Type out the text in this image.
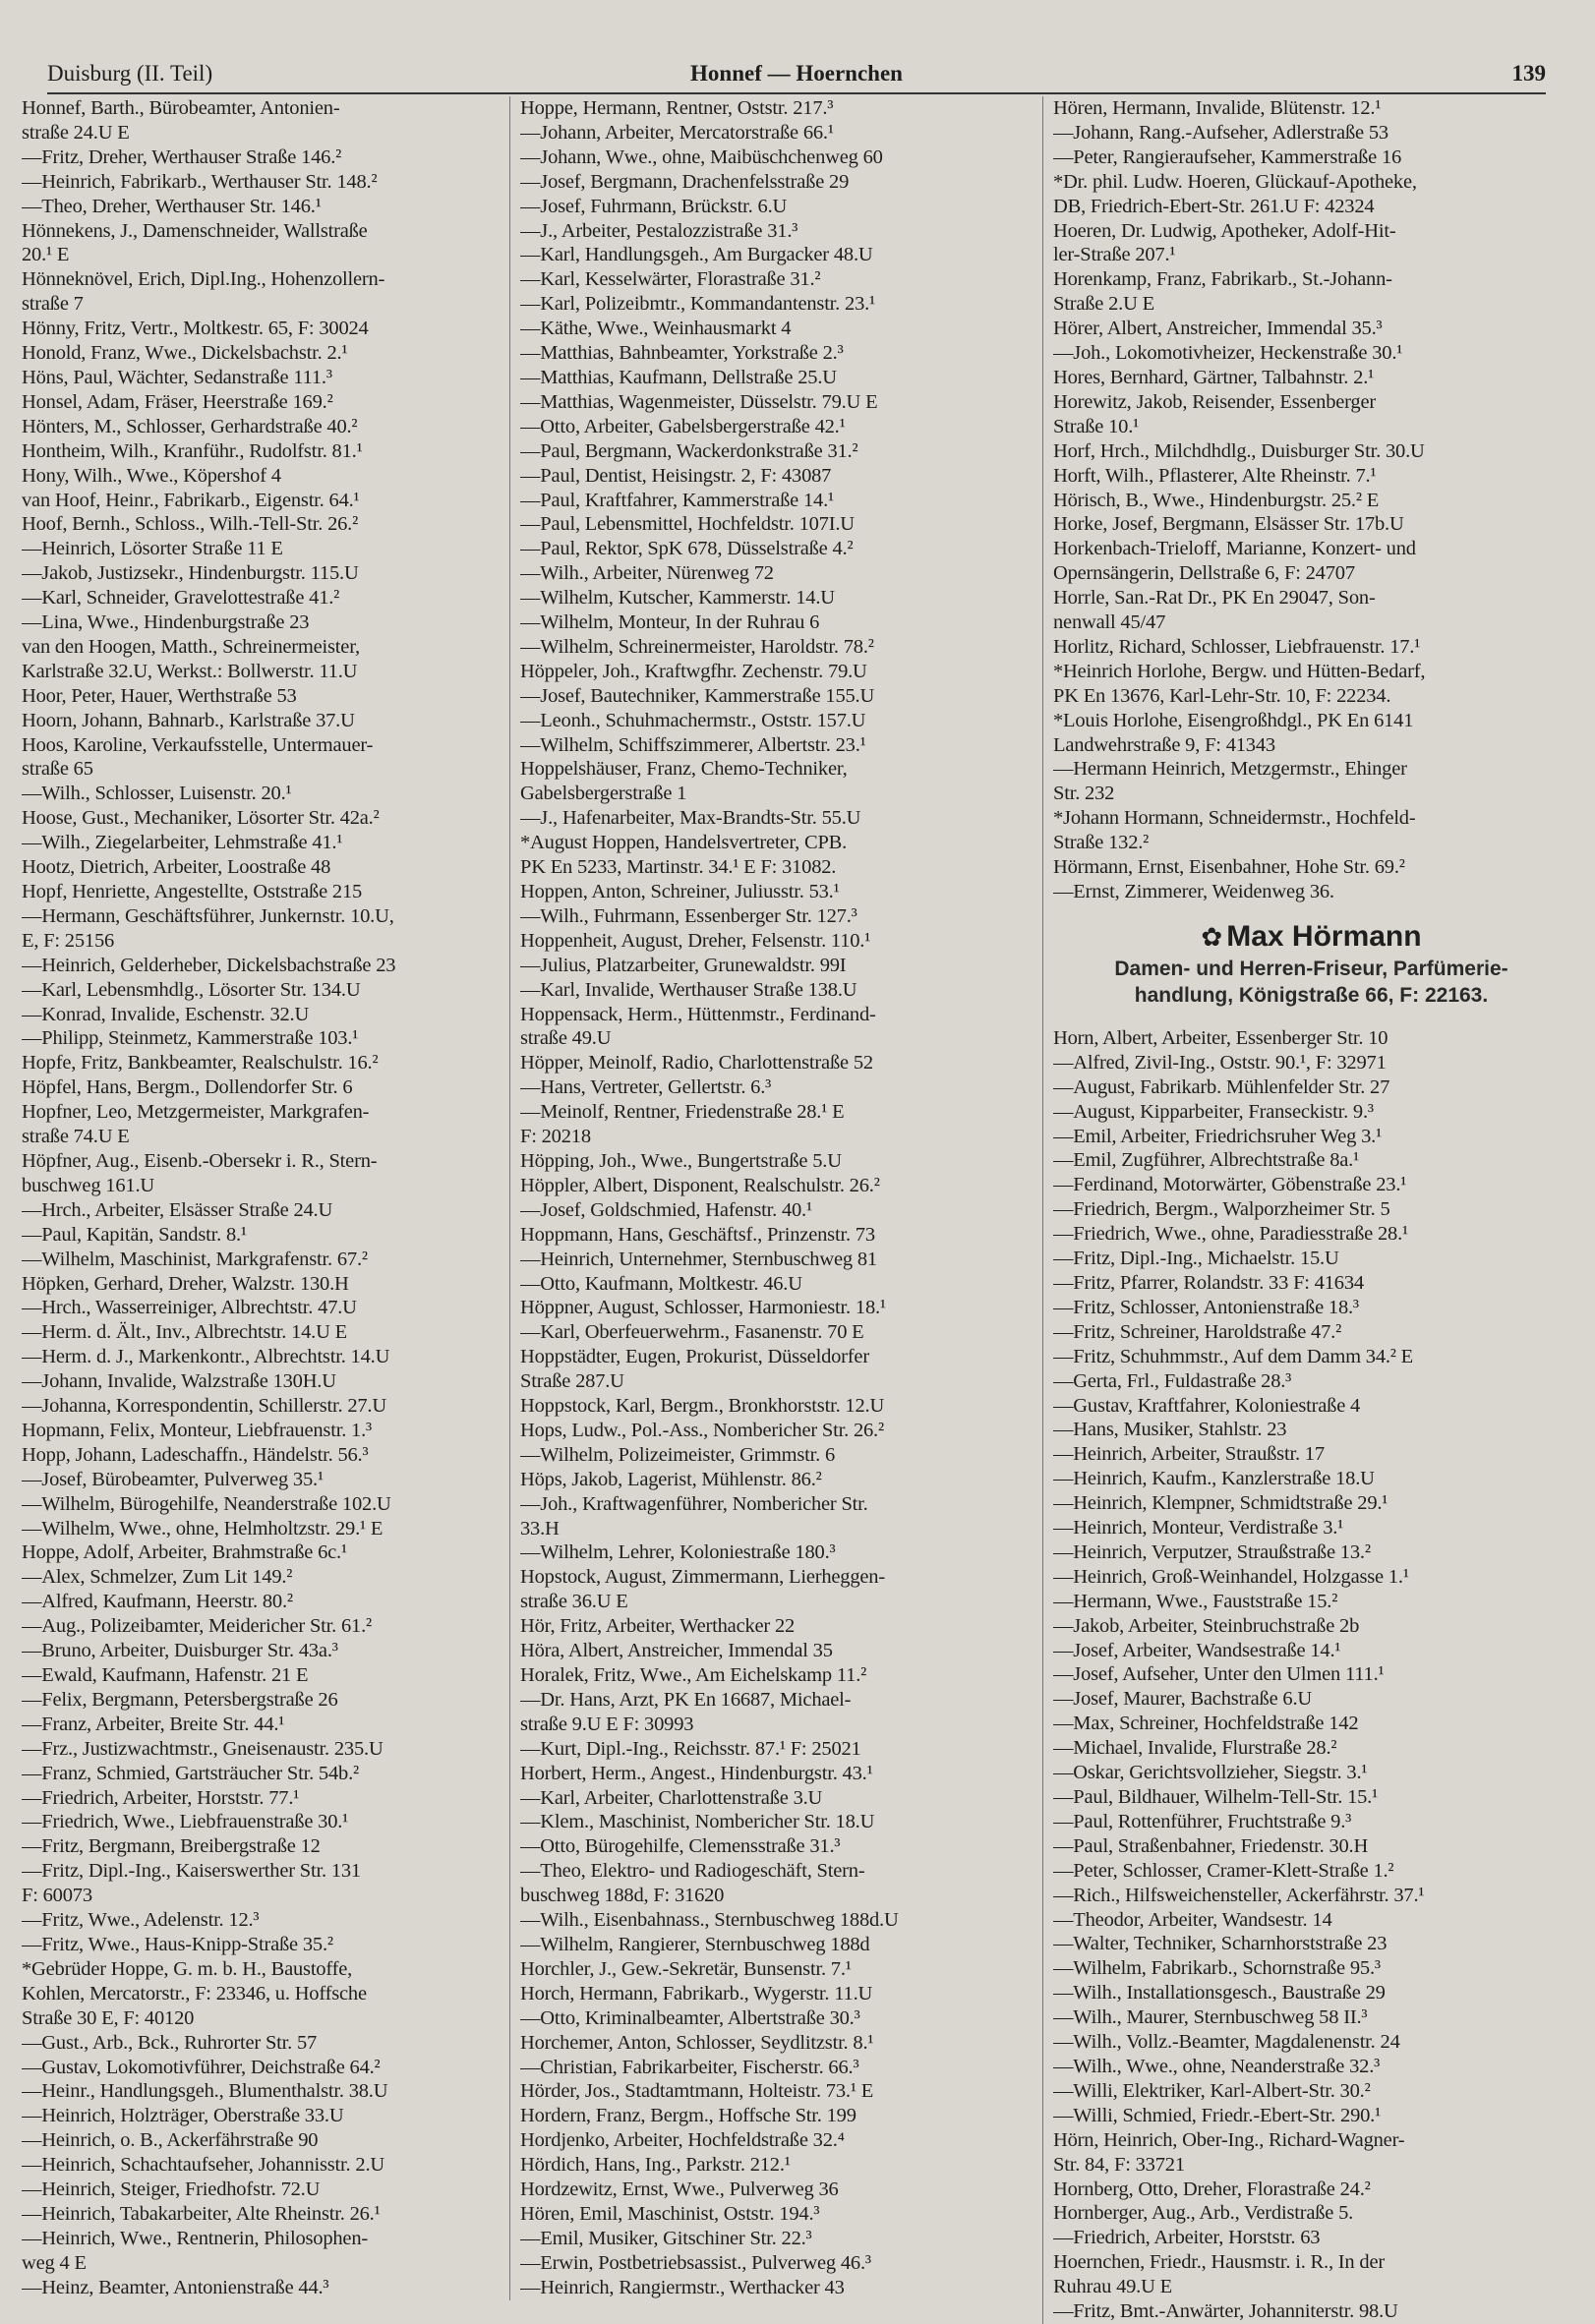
Duisburg (II. Teil)	Honnef — Hoernchen	139
Honnef, Barth., Bürobeamter, Antonien-
straße 24.U E
—Fritz, Dreher, Werthauser Straße 146.²
—Heinrich, Fabrikarb., Werthauser Str. 148.²
—Theo, Dreher, Werthauser Str. 146.¹
Hönnekens, J., Damenschneider, Wallstraße
20.¹ E
Hönneknövel, Erich, Dipl.Ing., Hohenzollern-
straße 7
Hönny, Fritz, Vertr., Moltkestr. 65, F: 30024
Honold, Franz, Wwe., Dickelsbachstr. 2.¹
Höns, Paul, Wächter, Sedanstraße 111.³
Honsel, Adam, Fräser, Heerstraße 169.²
Hönters, M., Schlosser, Gerhardstraße 40.²
Hontheim, Wilh., Kranführ., Rudolfstr. 81.¹
Hony, Wilh., Wwe., Köpershof 4
van Hoof, Heinr., Fabrikarb., Eigenstr. 64.¹
Hoof, Bernh., Schloss., Wilh.-Tell-Str. 26.²
—Heinrich, Lösorter Straße 11 E
—Jakob, Justizsekr., Hindenburgstr. 115.U
—Karl, Schneider, Gravelottestraße 41.²
—Lina, Wwe., Hindenburgstraße 23
van den Hoogen, Matth., Schreinermeister,
Karlstraße 32.U, Werkst.: Bollwerstr. 11.U
Hoor, Peter, Hauer, Werthstraße 53
Hoorn, Johann, Bahnarb., Karlstraße 37.U
Hoos, Karoline, Verkaufsstelle, Untermauer-
straße 65
—Wilh., Schlosser, Luisenstr. 20.¹
Hoose, Gust., Mechaniker, Lösorter Str. 42a.²
—Wilh., Ziegelarbeiter, Lehmstraße 41.¹
Hootz, Dietrich, Arbeiter, Loostraße 48
Hopf, Henriette, Angestellte, Oststraße 215
—Hermann, Geschäftsführer, Junkernstr. 10.U,
E, F: 25156
—Heinrich, Gelderheber, Dickelsbachstraße 23
—Karl, Lebensmhdlg., Lösorter Str. 134.U
—Konrad, Invalide, Eschenstr. 32.U
—Philipp, Steinmetz, Kammerstraße 103.¹
Hopfe, Fritz, Bankbeamter, Realschulstr. 16.²
Höpfel, Hans, Bergm., Dollendorfer Str. 6
Hopfner, Leo, Metzgermeister, Markgrafen-
straße 74.U E
Höpfner, Aug., Eisenb.-Obersekr i. R., Stern-
buschweg 161.U
—Hrch., Arbeiter, Elsässer Straße 24.U
—Paul, Kapitän, Sandstr. 8.¹
—Wilhelm, Maschinist, Markgrafenstr. 67.²
Höpken, Gerhard, Dreher, Walzstr. 130.H
—Hrch., Wasserreiniger, Albrechtstr. 47.U
—Herm. d. Ält., Inv., Albrechtstr. 14.U E
—Herm. d. J., Markenkontr., Albrechtstr. 14.U
—Johann, Invalide, Walzstraße 130H.U
—Johanna, Korrespondentin, Schillerstr. 27.U
Hopmann, Felix, Monteur, Liebfrauenstr. 1.³
Hopp, Johann, Ladeschaffn., Händelstr. 56.³
—Josef, Bürobeamter, Pulverweg 35.¹
—Wilhelm, Bürogehilfe, Neanderstraße 102.U
—Wilhelm, Wwe., ohne, Helmholtzstr. 29.¹ E
Hoppe, Adolf, Arbeiter, Brahmstraße 6c.¹
—Alex, Schmelzer, Zum Lit 149.²
—Alfred, Kaufmann, Heerstr. 80.²
—Aug., Polizeibamter, Meidericher Str. 61.²
—Bruno, Arbeiter, Duisburger Str. 43a.³
—Ewald, Kaufmann, Hafenstr. 21 E
—Felix, Bergmann, Petersbergstraße 26
—Franz, Arbeiter, Breite Str. 44.¹
—Frz., Justizwachtmstr., Gneisenaustr. 235.U
—Franz, Schmied, Gartsträucher Str. 54b.²
—Friedrich, Arbeiter, Horststr. 77.¹
—Friedrich, Wwe., Liebfrauenstraße 30.¹
—Fritz, Bergmann, Breibergstraße 12
—Fritz, Dipl.-Ing., Kaiserswerther Str. 131
F: 60073
—Fritz, Wwe., Adelenstr. 12.³
—Fritz, Wwe., Haus-Knipp-Straße 35.²
*Gebrüder Hoppe, G. m. b. H., Baustoffe,
Kohlen, Mercatorstr., F: 23346, u. Hoffsche
Straße 30 E, F: 40120
—Gust., Arb., Bck., Ruhrorter Str. 57
—Gustav, Lokomotivführer, Deichstraße 64.²
—Heinr., Handlungsgeh., Blumenthalstr. 38.U
—Heinrich, Holzträger, Oberstraße 33.U
—Heinrich, o. B., Ackerfährstraße 90
—Heinrich, Schachtaufseher, Johannisstr. 2.U
—Heinrich, Steiger, Friedhofstr. 72.U
—Heinrich, Tabakarbeiter, Alte Rheinstr. 26.¹
—Heinrich, Wwe., Rentnerin, Philosophen-
weg 4 E
—Heinz, Beamter, Antonienstraße 44.³
Hoppe, Hermann, Rentner, Oststr. 217.³
—Johann, Arbeiter, Mercatorstraße 66.¹
—Johann, Wwe., ohne, Maibüschchenweg 60
—Josef, Bergmann, Drachenfelsstraße 29
—Josef, Fuhrmann, Brückstr. 6.U
—J., Arbeiter, Pestalozzistraße 31.³
—Karl, Handlungsgeh., Am Burgacker 48.U
—Karl, Kesselwärter, Florastraße 31.²
—Karl, Polizeibmtr., Kommandantenstr. 23.¹
—Käthe, Wwe., Weinhausmarkt 4
—Matthias, Bahnbeamter, Yorkstraße 2.³
—Matthias, Kaufmann, Dellstraße 25.U
—Matthias, Wagenmeister, Düsselstr. 79.U E
—Otto, Arbeiter, Gabelsbergerstraße 42.¹
—Paul, Bergmann, Wackerdonkstraße 31.²
—Paul, Dentist, Heisingstr. 2, F: 43087
—Paul, Kraftfahrer, Kammerstraße 14.¹
—Paul, Lebensmittel, Hochfeldstr. 107I.U
—Paul, Rektor, SpK 678, Düsselstraße 4.²
—Wilh., Arbeiter, Nürenweg 72
—Wilhelm, Kutscher, Kammerstr. 14.U
—Wilhelm, Monteur, In der Ruhrau 6
—Wilhelm, Schreinermeister, Haroldstr. 78.²
Höppeler, Joh., Kraftwgfhr. Zechenstr. 79.U
—Josef, Bautechniker, Kammerstraße 155.U
—Leonh., Schuhmachermstr., Oststr. 157.U
—Wilhelm, Schiffszimmerer, Albertstr. 23.¹
Hoppelshäuser, Franz, Chemo-Techniker,
Gabelsbergerstraße 1
—J., Hafenarbeiter, Max-Brandts-Str. 55.U
*August Hoppen, Handelsvertreter, CPB.
PK En 5233, Martinstr. 34.¹ E F: 31082.
Hoppen, Anton, Schreiner, Juliusstr. 53.¹
—Wilh., Fuhrmann, Essenberger Str. 127.³
Hoppenheit, August, Dreher, Felsenstr. 110.¹
—Julius, Platzarbeiter, Grunewaldstr. 99I
—Karl, Invalide, Werthauser Straße 138.U
Hoppensack, Herm., Hüttenmstr., Ferdinand-
straße 49.U
Höpper, Meinolf, Radio, Charlottenstraße 52
—Hans, Vertreter, Gellertstr. 6.³
—Meinolf, Rentner, Friedenstraße 28.¹ E
F: 20218
Höpping, Joh., Wwe., Bungertstraße 5.U
Höppler, Albert, Disponent, Realschulstr. 26.²
—Josef, Goldschmied, Hafenstr. 40.¹
Hoppmann, Hans, Geschäftsf., Prinzenstr. 73
—Heinrich, Unternehmer, Sternbuschweg 81
—Otto, Kaufmann, Moltkestr. 46.U
Höppner, August, Schlosser, Harmoniestr. 18.¹
—Karl, Oberfeuerwehrm., Fasanenstr. 70 E
Hoppstädter, Eugen, Prokurist, Düsseldorfer
Straße 287.U
Hoppstock, Karl, Bergm., Bronkhorststr. 12.U
Hops, Ludw., Pol.-Ass., Nombericher Str. 26.²
—Wilhelm, Polizeimeister, Grimmstr. 6
Höps, Jakob, Lagerist, Mühlenstr. 86.²
—Joh., Kraftwagenführer, Nombericher Str.
33.H
—Wilhelm, Lehrer, Koloniestraße 180.³
Hopstock, August, Zimmermann, Lierheggen-
straße 36.U E
Hör, Fritz, Arbeiter, Werthacker 22
Höra, Albert, Anstreicher, Immendal 35
Horalek, Fritz, Wwe., Am Eichelskamp 11.²
—Dr. Hans, Arzt, PK En 16687, Michael-
straße 9.U E F: 30993
—Kurt, Dipl.-Ing., Reichsstr. 87.¹ F: 25021
Horbert, Herm., Angest., Hindenburgstr. 43.¹
—Karl, Arbeiter, Charlottenstraße 3.U
—Klem., Maschinist, Nombericher Str. 18.U
—Otto, Bürogehilfe, Clemensstraße 31.³
—Theo, Elektro- und Radiogeschäft, Stern-
buschweg 188d, F: 31620
—Wilh., Eisenbahnass., Sternbuschweg 188d.U
—Wilhelm, Rangierer, Sternbuschweg 188d
Horchler, J., Gew.-Sekretär, Bunsenstr. 7.¹
Horch, Hermann, Fabrikarb., Wygerstr. 11.U
—Otto, Kriminalbeamter, Albertstraße 30.³
Horchemer, Anton, Schlosser, Seydlitzstr. 8.¹
—Christian, Fabrikarbeiter, Fischerstr. 66.³
Hörder, Jos., Stadtamtmann, Holteistr. 73.¹ E
Hordern, Franz, Bergm., Hoffsche Str. 199
Hordjenko, Arbeiter, Hochfeldstraße 32.⁴
Hördich, Hans, Ing., Parkstr. 212.¹
Hordzewitz, Ernst, Wwe., Pulverweg 36
Hören, Emil, Maschinist, Oststr. 194.³
—Emil, Musiker, Gitschiner Str. 22.³
—Erwin, Postbetriebsassist., Pulverweg 46.³
—Heinrich, Rangiermstr., Werthacker 43
Hören, Hermann, Invalide, Blütenstr. 12.¹
—Johann, Rang.-Aufseher, Adlerstraße 53
—Peter, Rangieraufseher, Kammerstraße 16
*Dr. phil. Ludw. Hoeren, Glückauf-Apotheke,
DB, Friedrich-Ebert-Str. 261.U F: 42324
Hoeren, Dr. Ludwig, Apotheker, Adolf-Hit-
ler-Straße 207.¹
Horenkamp, Franz, Fabrikarb., St.-Johann-
Straße 2.U E
Hörer, Albert, Anstreicher, Immendal 35.³
—Joh., Lokomotivheizer, Heckenstraße 30.¹
Hores, Bernhard, Gärtner, Talbahnstr. 2.¹
Horewitz, Jakob, Reisender, Essenberger
Straße 10.¹
Horf, Hrch., Milchdhdlg., Duisburger Str. 30.U
Horft, Wilh., Pflasterer, Alte Rheinstr. 7.¹
Hörisch, B., Wwe., Hindenburgstr. 25.² E
Horke, Josef, Bergmann, Elsässer Str. 17b.U
Horkenbach-Trieloff, Marianne, Konzert- und
Opernsängerin, Dellstraße 6, F: 24707
Horrle, San.-Rat Dr., PK En 29047, Son-
nenwall 45/47
Horlitz, Richard, Schlosser, Liebfrauenstr. 17.¹
*Heinrich Horlohe, Bergw. und Hütten-Bedarf,
PK En 13676, Karl-Lehr-Str. 10, F: 22234.
*Louis Horlohe, Eisengroßhdgl., PK En 6141
Landwehrstraße 9, F: 41343
—Hermann Heinrich, Metzgermstr., Ehinger
Str. 232
*Johann Hormann, Schneidermstr., Hochfeld-
Straße 132.²
Hörmann, Ernst, Eisenbahner, Hohe Str. 69.²
—Ernst, Zimmerer, Weidenweg 36.
✿ Max Hörmann
Damen- und Herren-Friseur, Parfümerie-
handlung, Königstraße 66, F: 22163.
Horn, Albert, Arbeiter, Essenberger Str. 10
—Alfred, Zivil-Ing., Oststr. 90.¹, F: 32971
—August, Fabrikarb. Mühlenfelder Str. 27
—August, Kipparbeiter, Franseckistr. 9.³
—Emil, Arbeiter, Friedrichsruher Weg 3.¹
—Emil, Zugführer, Albrechtstraße 8a.¹
—Ferdinand, Motorwärter, Göbenstraße 23.¹
—Friedrich, Bergm., Walporzheimer Str. 5
—Friedrich, Wwe., ohne, Paradiesstraße 28.¹
—Fritz, Dipl.-Ing., Michaelstr. 15.U
—Fritz, Pfarrer, Rolandstr. 33 F: 41634
—Fritz, Schlosser, Antonienstraße 18.³
—Fritz, Schreiner, Haroldstraße 47.²
—Fritz, Schuhmmstr., Auf dem Damm 34.² E
—Gerta, Frl., Fuldastraße 28.³
—Gustav, Kraftfahrer, Koloniestraße 4
—Hans, Musiker, Stahlstr. 23
—Heinrich, Arbeiter, Straußstr. 17
—Heinrich, Kaufm., Kanzlerstraße 18.U
—Heinrich, Klempner, Schmidtstraße 29.¹
—Heinrich, Monteur, Verdistraße 3.¹
—Heinrich, Verputzer, Straußstraße 13.²
—Heinrich, Groß-Weinhandel, Holzgasse 1.¹
—Hermann, Wwe., Fauststraße 15.²
—Jakob, Arbeiter, Steinbruchstraße 2b
—Josef, Arbeiter, Wandsestraße 14.¹
—Josef, Aufseher, Unter den Ulmen 111.¹
—Josef, Maurer, Bachstraße 6.U
—Max, Schreiner, Hochfeldstraße 142
—Michael, Invalide, Flurstraße 28.²
—Oskar, Gerichtsvollzieher, Siegstr. 3.¹
—Paul, Bildhauer, Wilhelm-Tell-Str. 15.¹
—Paul, Rottenführer, Fruchtstraße 9.³
—Paul, Straßenbahner, Friedenstr. 30.H
—Peter, Schlosser, Cramer-Klett-Straße 1.²
—Rich., Hilfsweichensteller, Ackerfährstr. 37.¹
—Theodor, Arbeiter, Wandsestr. 14
—Walter, Techniker, Scharnhorststraße 23
—Wilhelm, Fabrikarb., Schornstraße 95.³
—Wilh., Installationsgesch., Baustraße 29
—Wilh., Maurer, Sternbuschweg 58 II.³
—Wilh., Vollz.-Beamter, Magdalenenstr. 24
—Wilh., Wwe., ohne, Neanderstraße 32.³
—Willi, Elektriker, Karl-Albert-Str. 30.²
—Willi, Schmied, Friedr.-Ebert-Str. 290.¹
Hörn, Heinrich, Ober-Ing., Richard-Wagner-
Str. 84, F: 33721
Hornberg, Otto, Dreher, Florastraße 24.²
Hornberger, Aug., Arb., Verdistraße 5.
—Friedrich, Arbeiter, Horststr. 63
Hoernchen, Friedr., Hausmstr. i. R., In der
Ruhrau 49.U E
—Fritz, Bmt.-Anwärter, Johanniterstr. 98.U
